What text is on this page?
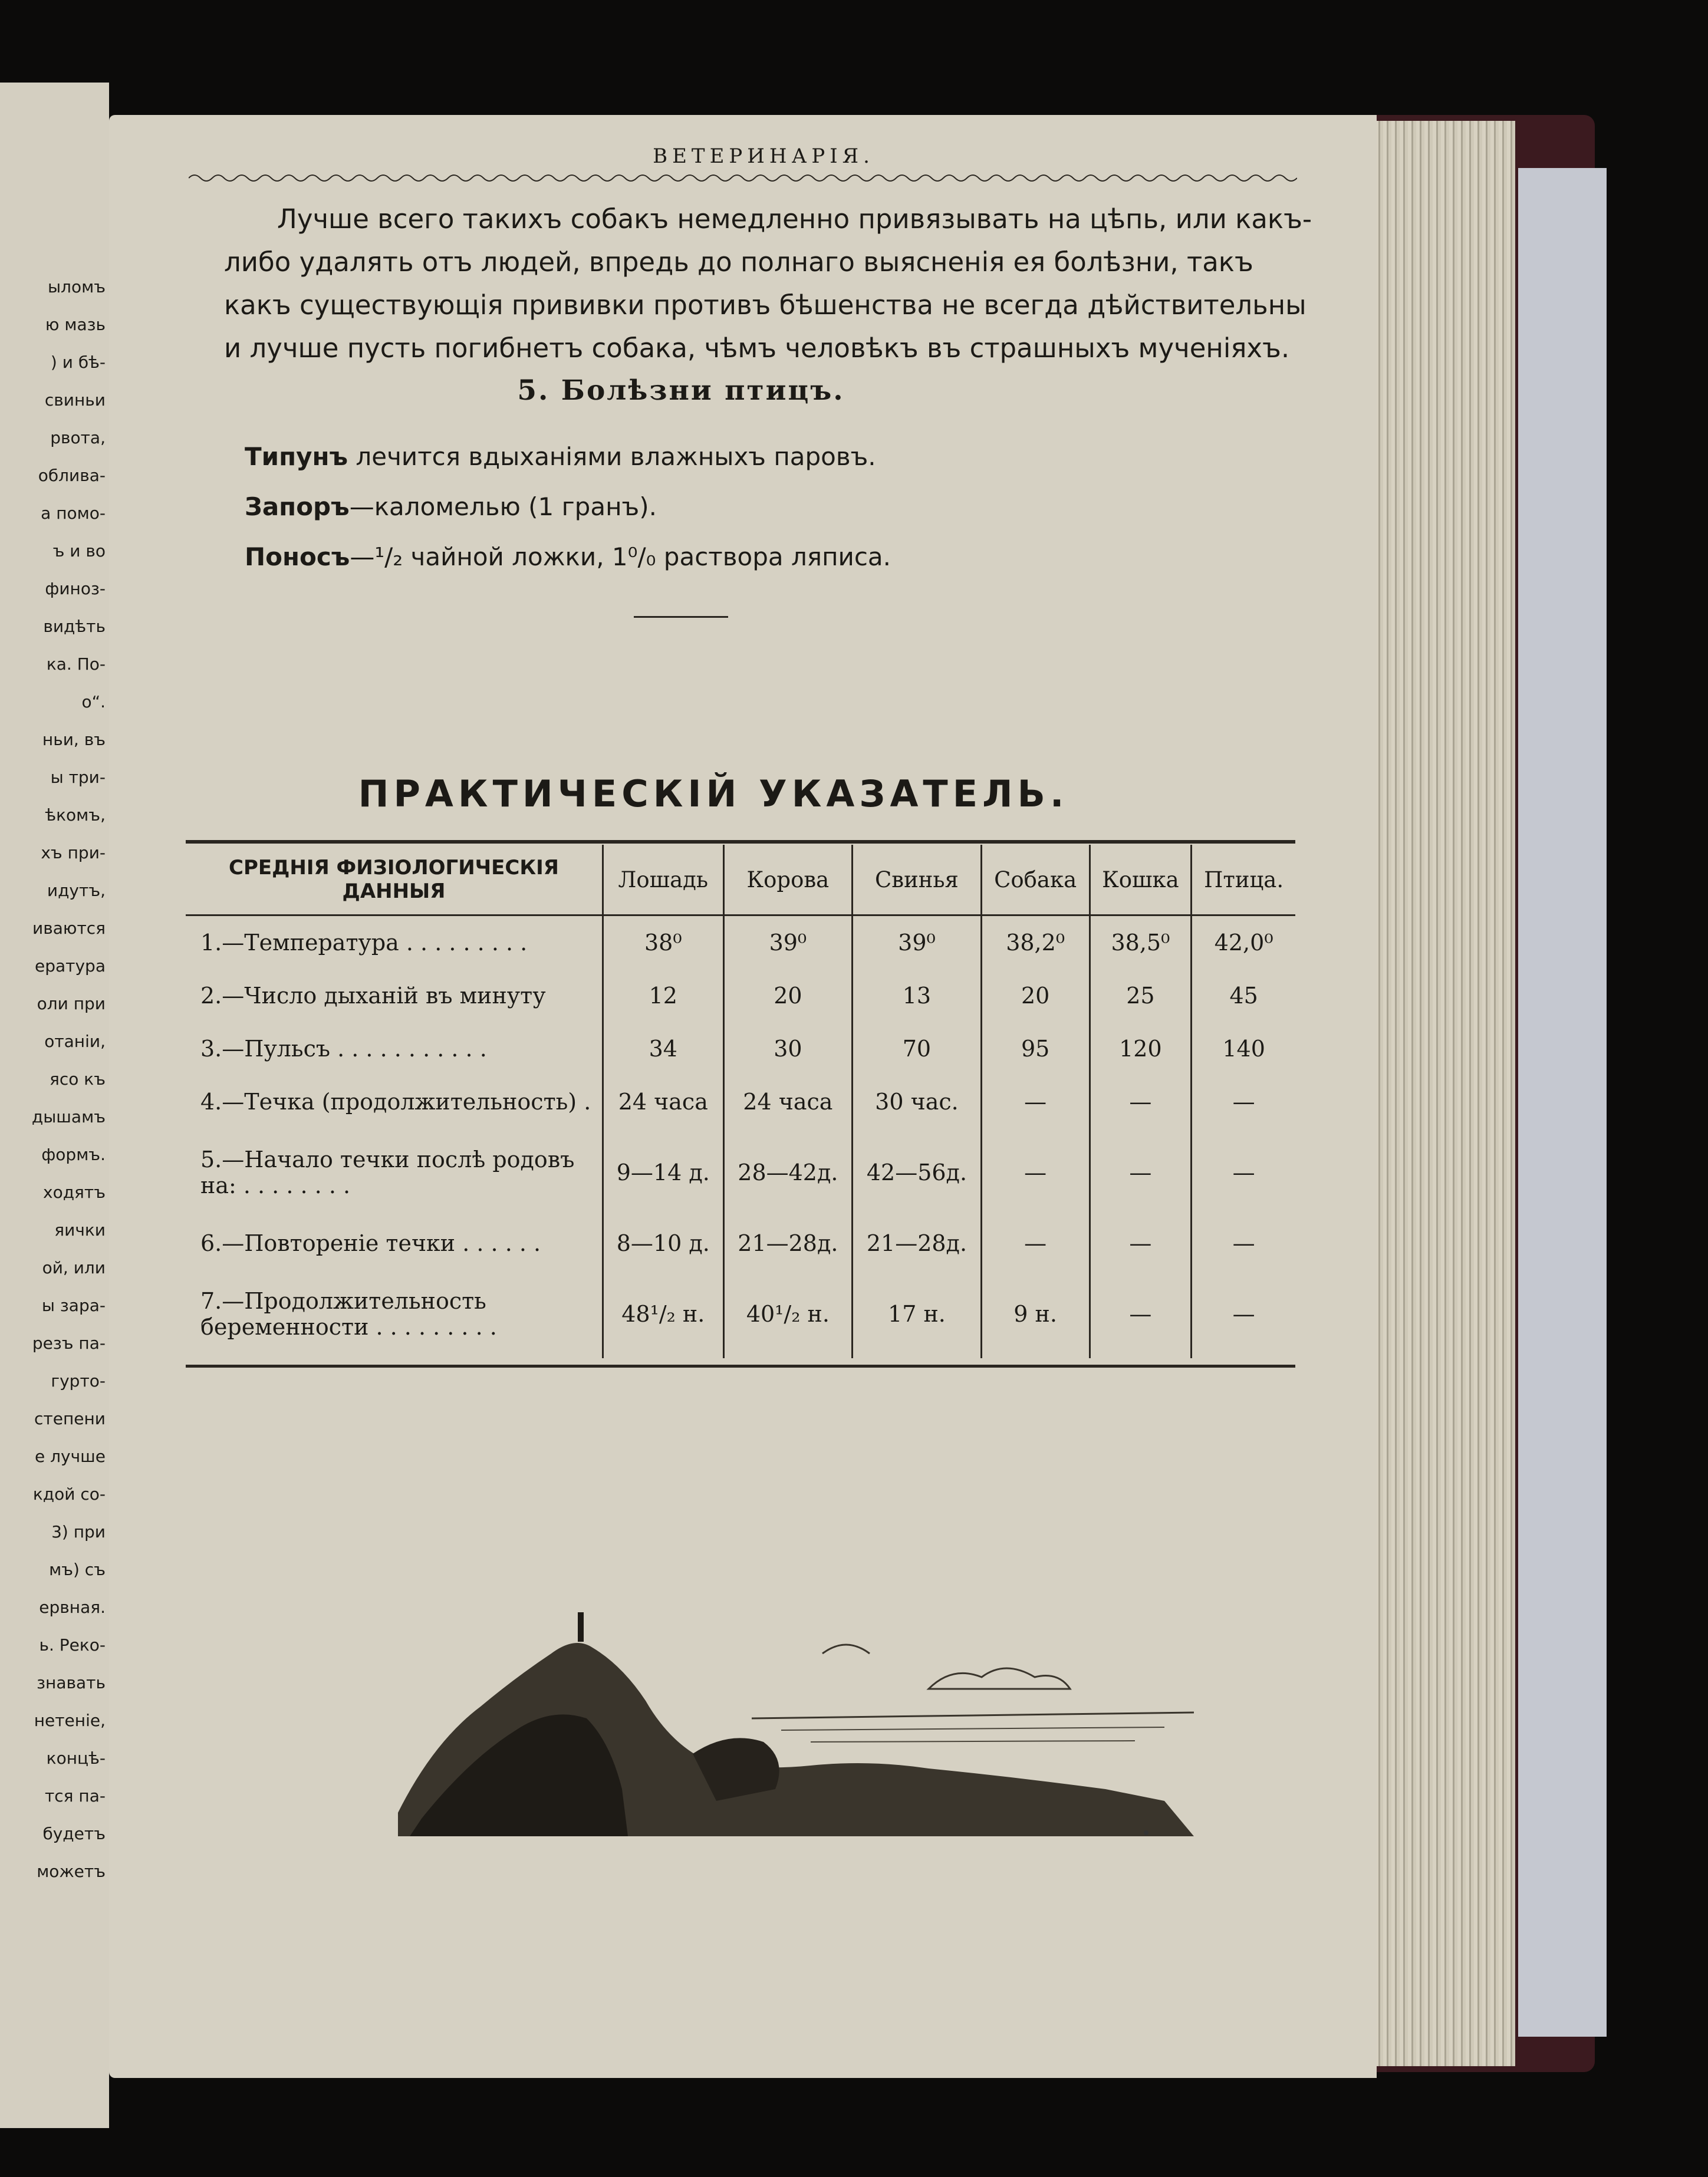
ыломъ
ю мазь
) и бѣ-
свиньи
рвота,
облива-
а помо-
ъ и во
финоз-
видѣть
ка. По-
о“.
ньи, въ
ы три-
ѣкомъ,
хъ при-
идутъ,
иваются
ература
оли при
отаніи,
ясо къ
дышамъ
формъ.
ходятъ
яички
ой, или
ы зара-
резъ па-
гурто-
степени
е лучше
кдой со-
3) при
мъ) съ
ервная.
ь. Реко-
знавать
нетеніе,
концѣ-
тся па-
будетъ
можетъ
ВЕТЕРИНАРІЯ.
Лучше всего такихъ собакъ немедленно привязывать на цѣпь, или какъ-
либо удалять отъ людей, впредь до полнаго выясненія ея болѣзни, такъ
какъ существующія прививки противъ бѣшенства не всегда дѣйствительны
и лучше пусть погибнетъ собака, чѣмъ человѣкъ въ страшныхъ мученіяхъ.
5. Болѣзни птицъ.
Типунъ лечится вдыханіями влажныхъ паровъ.
Запоръ—каломелью (1 гранъ).
Поносъ—¹/₂ чайной ложки, 1⁰/₀ раствора ляписа.
ПРАКТИЧЕСКІЙ УКАЗАТЕЛЬ.
СРЕДНІЯ ФИЗІОЛОГИЧЕСКІЯ ДАННЫЯ	Лошадь	Корова	Свинья	Собака	Кошка	Птица.
1.—Температура . . . . . . . . .	38⁰	39⁰	39⁰	38,2⁰	38,5⁰	42,0⁰
2.—Число дыханій въ минуту	12	20	13	20	25	45
3.—Пульсъ . . . . . . . . . . .	34	30	70	95	120	140
4.—Течка (продолжительность) .	24 часа	24 часа	30 час.	—	—	—
5.—Начало течки послѣ родовъ на: . . . . . . . .	9—14 д.	28—42д.	42—56д.	—	—	—
6.—Повтореніе течки . . . . . .	8—10 д.	21—28д.	21—28д.	—	—	—
7.—Продолжительность беременности . . . . . . . . .	48¹/₂ н.	40¹/₂ н.	17 н.	9 н.	—	—
